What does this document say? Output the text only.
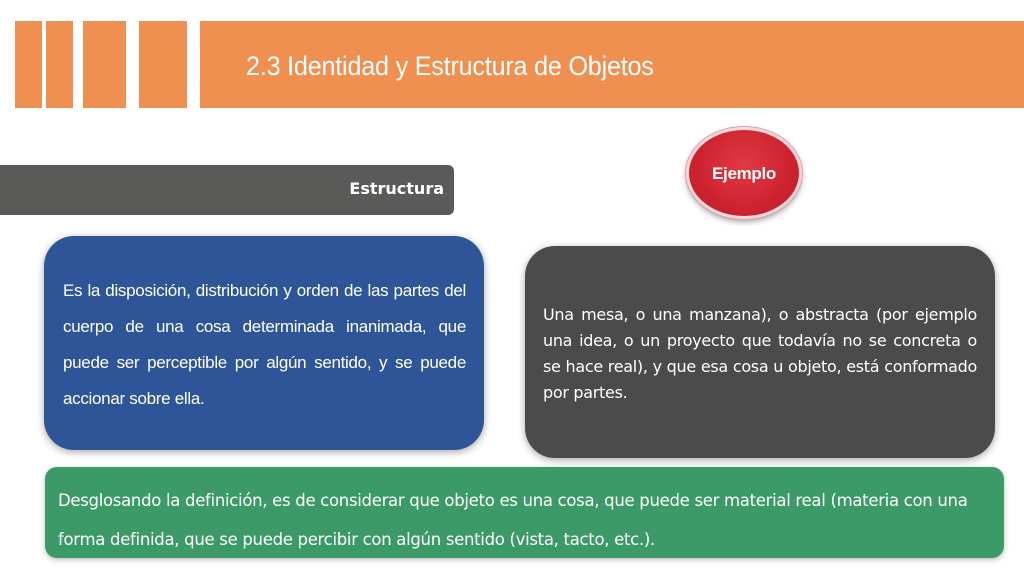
2.3 Identidad y Estructura de Objetos
Estructura
Ejemplo
Es la disposición, distribución y orden de las partes del cuerpo de una cosa determinada inanimada, que puede ser perceptible por algún sentido, y se puede accionar sobre ella.
Una mesa, o una manzana), o abstracta (por ejemplo una idea, o un proyecto que todavía no se concreta o se hace real), y que esa cosa u objeto, está conformado por partes.
Desglosando la definición, es de considerar que objeto es una cosa, que puede ser material real (materia con una forma definida, que se puede percibir con algún sentido (vista, tacto, etc.).
